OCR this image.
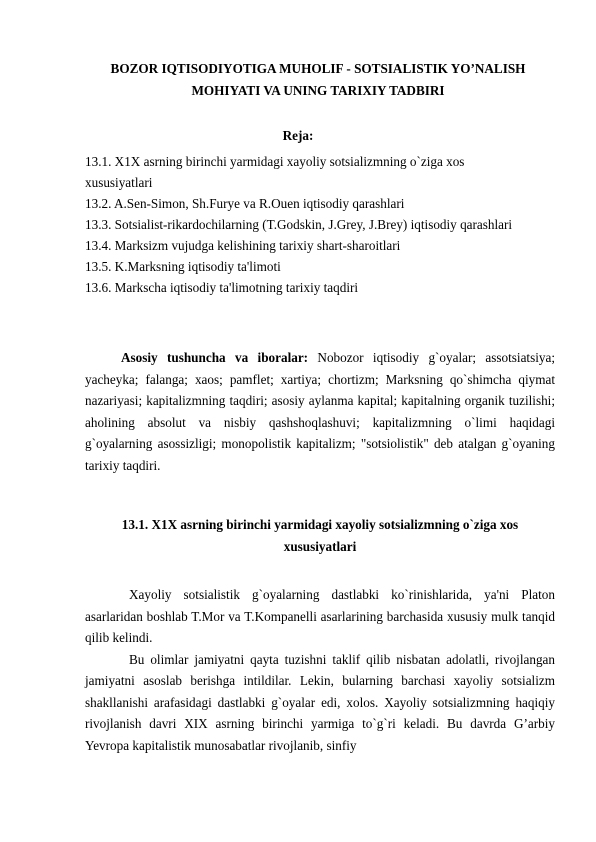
BOZOR IQTISODIYOTIGA MUHOLIF - SOTSIALISTIK YO’NALISH
MOHIYATI VA UNING TARIXIY TADBIRI
Reja:
13.1. X1X asrning birinchi yarmidagi xayoliy sotsializmning o`ziga xos
xususiyatlari
13.2. A.Sen-Simon, Sh.Furye va R.Ouen iqtisodiy qarashlari
13.3. Sotsialist-rikardochilarning (T.Godskin, J.Grey, J.Brey) iqtisodiy qarashlari
13.4. Marksizm vujudga kelishining tarixiy shart-sharoitlari
13.5. K.Marksning iqtisodiy ta'limoti
13.6. Markscha iqtisodiy ta'limotning tarixiy taqdiri
Asosiy tushuncha va iboralar: Nobozor iqtisodiy g`oyalar; assotsiatsiya; yacheyka; falanga; xaos; pamflet; xartiya; chortizm; Marksning qo`shimcha qiymat nazariyasi; kapitalizmning taqdiri; asosiy aylanma kapital; kapitalning organik tuzilishi; aholining absolut va nisbiy qashshoqlashuvi; kapitalizmning o`limi haqidagi g`oyalarning asossizligi; monopolistik kapitalizm; "sotsiolistik" deb atalgan g`oyaning tarixiy taqdiri.
13.1. X1X asrning birinchi yarmidagi xayoliy sotsializmning o`ziga xos
xususiyatlari

Xayoliy sotsialistik g`oyalarning dastlabki ko`rinishlarida, ya'ni Platon asarlaridan boshlab T.Mor va T.Kompanelli asarlarining barchasida xususiy mulk tanqid qilib kelindi.

Bu olimlar jamiyatni qayta tuzishni taklif qilib nisbatan adolatli, rivojlangan jamiyatni asoslab berishga intildilar. Lekin, bularning barchasi xayoliy sotsializm shakllanishi arafasidagi dastlabki g`oyalar edi, xolos. Xayoliy sotsializmning haqiqiy rivojlanish davri XIX asrning birinchi yarmiga to`g`ri keladi. Bu davrda G’arbiy Yevropa kapitalistik munosabatlar rivojlanib, sinfiy
